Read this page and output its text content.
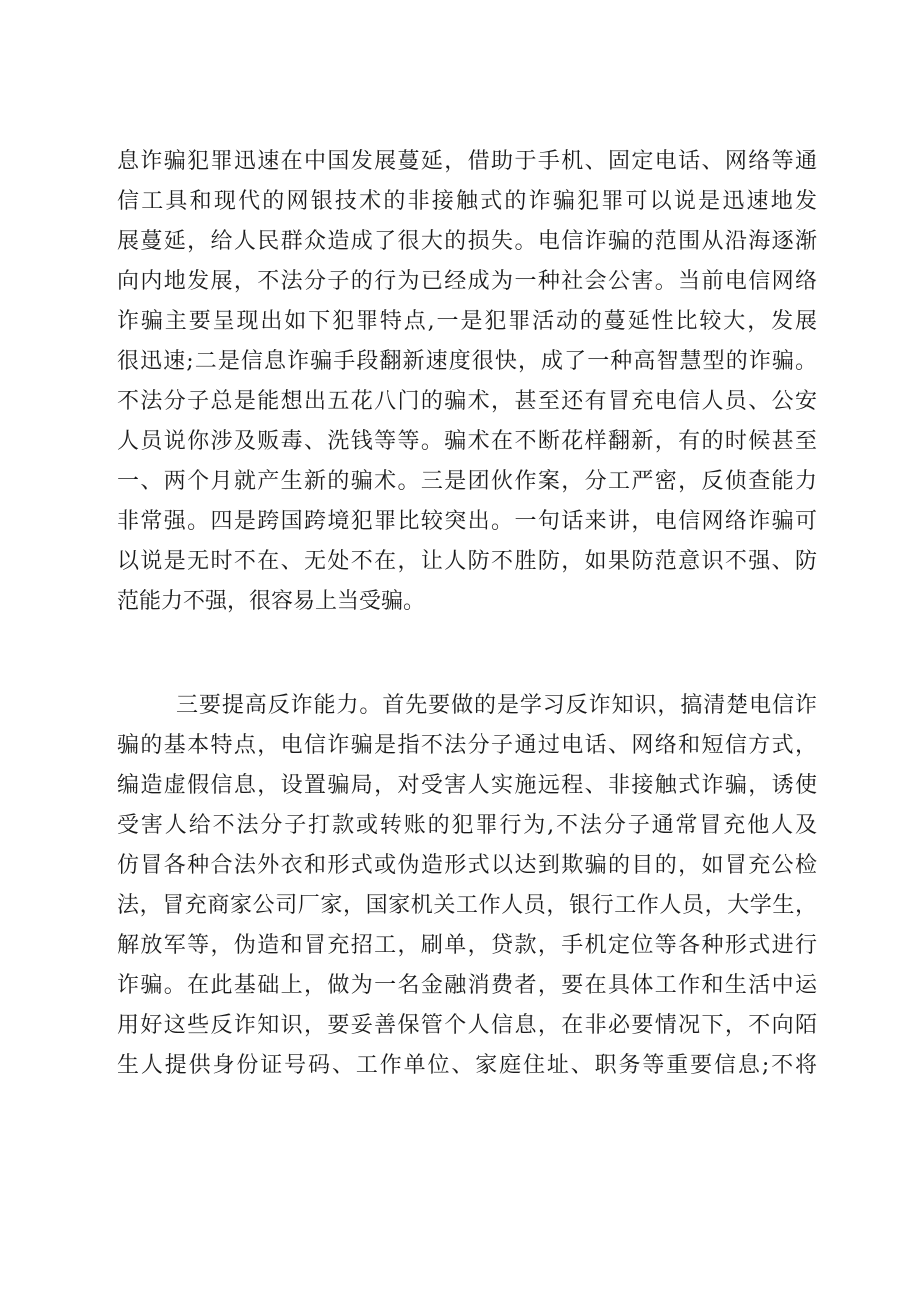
息诈骗犯罪迅速在中国发展蔓延，借助于手机、固定电话、网络等通
信工具和现代的网银技术的非接触式的诈骗犯罪可以说是迅速地发
展蔓延，给人民群众造成了很大的损失。电信诈骗的范围从沿海逐渐
向内地发展，不法分子的行为已经成为一种社会公害。当前电信网络
诈骗主要呈现出如下犯罪特点,一是犯罪活动的蔓延性比较大，发展
很迅速;二是信息诈骗手段翻新速度很快，成了一种高智慧型的诈骗。
不法分子总是能想出五花八门的骗术，甚至还有冒充电信人员、公安
人员说你涉及贩毒、洗钱等等。骗术在不断花样翻新，有的时候甚至
一、两个月就产生新的骗术。三是团伙作案，分工严密，反侦查能力
非常强。四是跨国跨境犯罪比较突出。一句话来讲，电信网络诈骗可
以说是无时不在、无处不在，让人防不胜防，如果防范意识不强、防
范能力不强，很容易上当受骗。
三要提高反诈能力。首先要做的是学习反诈知识，搞清楚电信诈
骗的基本特点，电信诈骗是指不法分子通过电话、网络和短信方式，
编造虚假信息，设置骗局，对受害人实施远程、非接触式诈骗，诱使
受害人给不法分子打款或转账的犯罪行为,不法分子通常冒充他人及
仿冒各种合法外衣和形式或伪造形式以达到欺骗的目的，如冒充公检
法，冒充商家公司厂家，国家机关工作人员，银行工作人员，大学生，
解放军等，伪造和冒充招工，刷单，贷款，手机定位等各种形式进行
诈骗。在此基础上，做为一名金融消费者，要在具体工作和生活中运
用好这些反诈知识，要妥善保管个人信息，在非必要情况下，不向陌
生人提供身份证号码、工作单位、家庭住址、职务等重要信息;不将
